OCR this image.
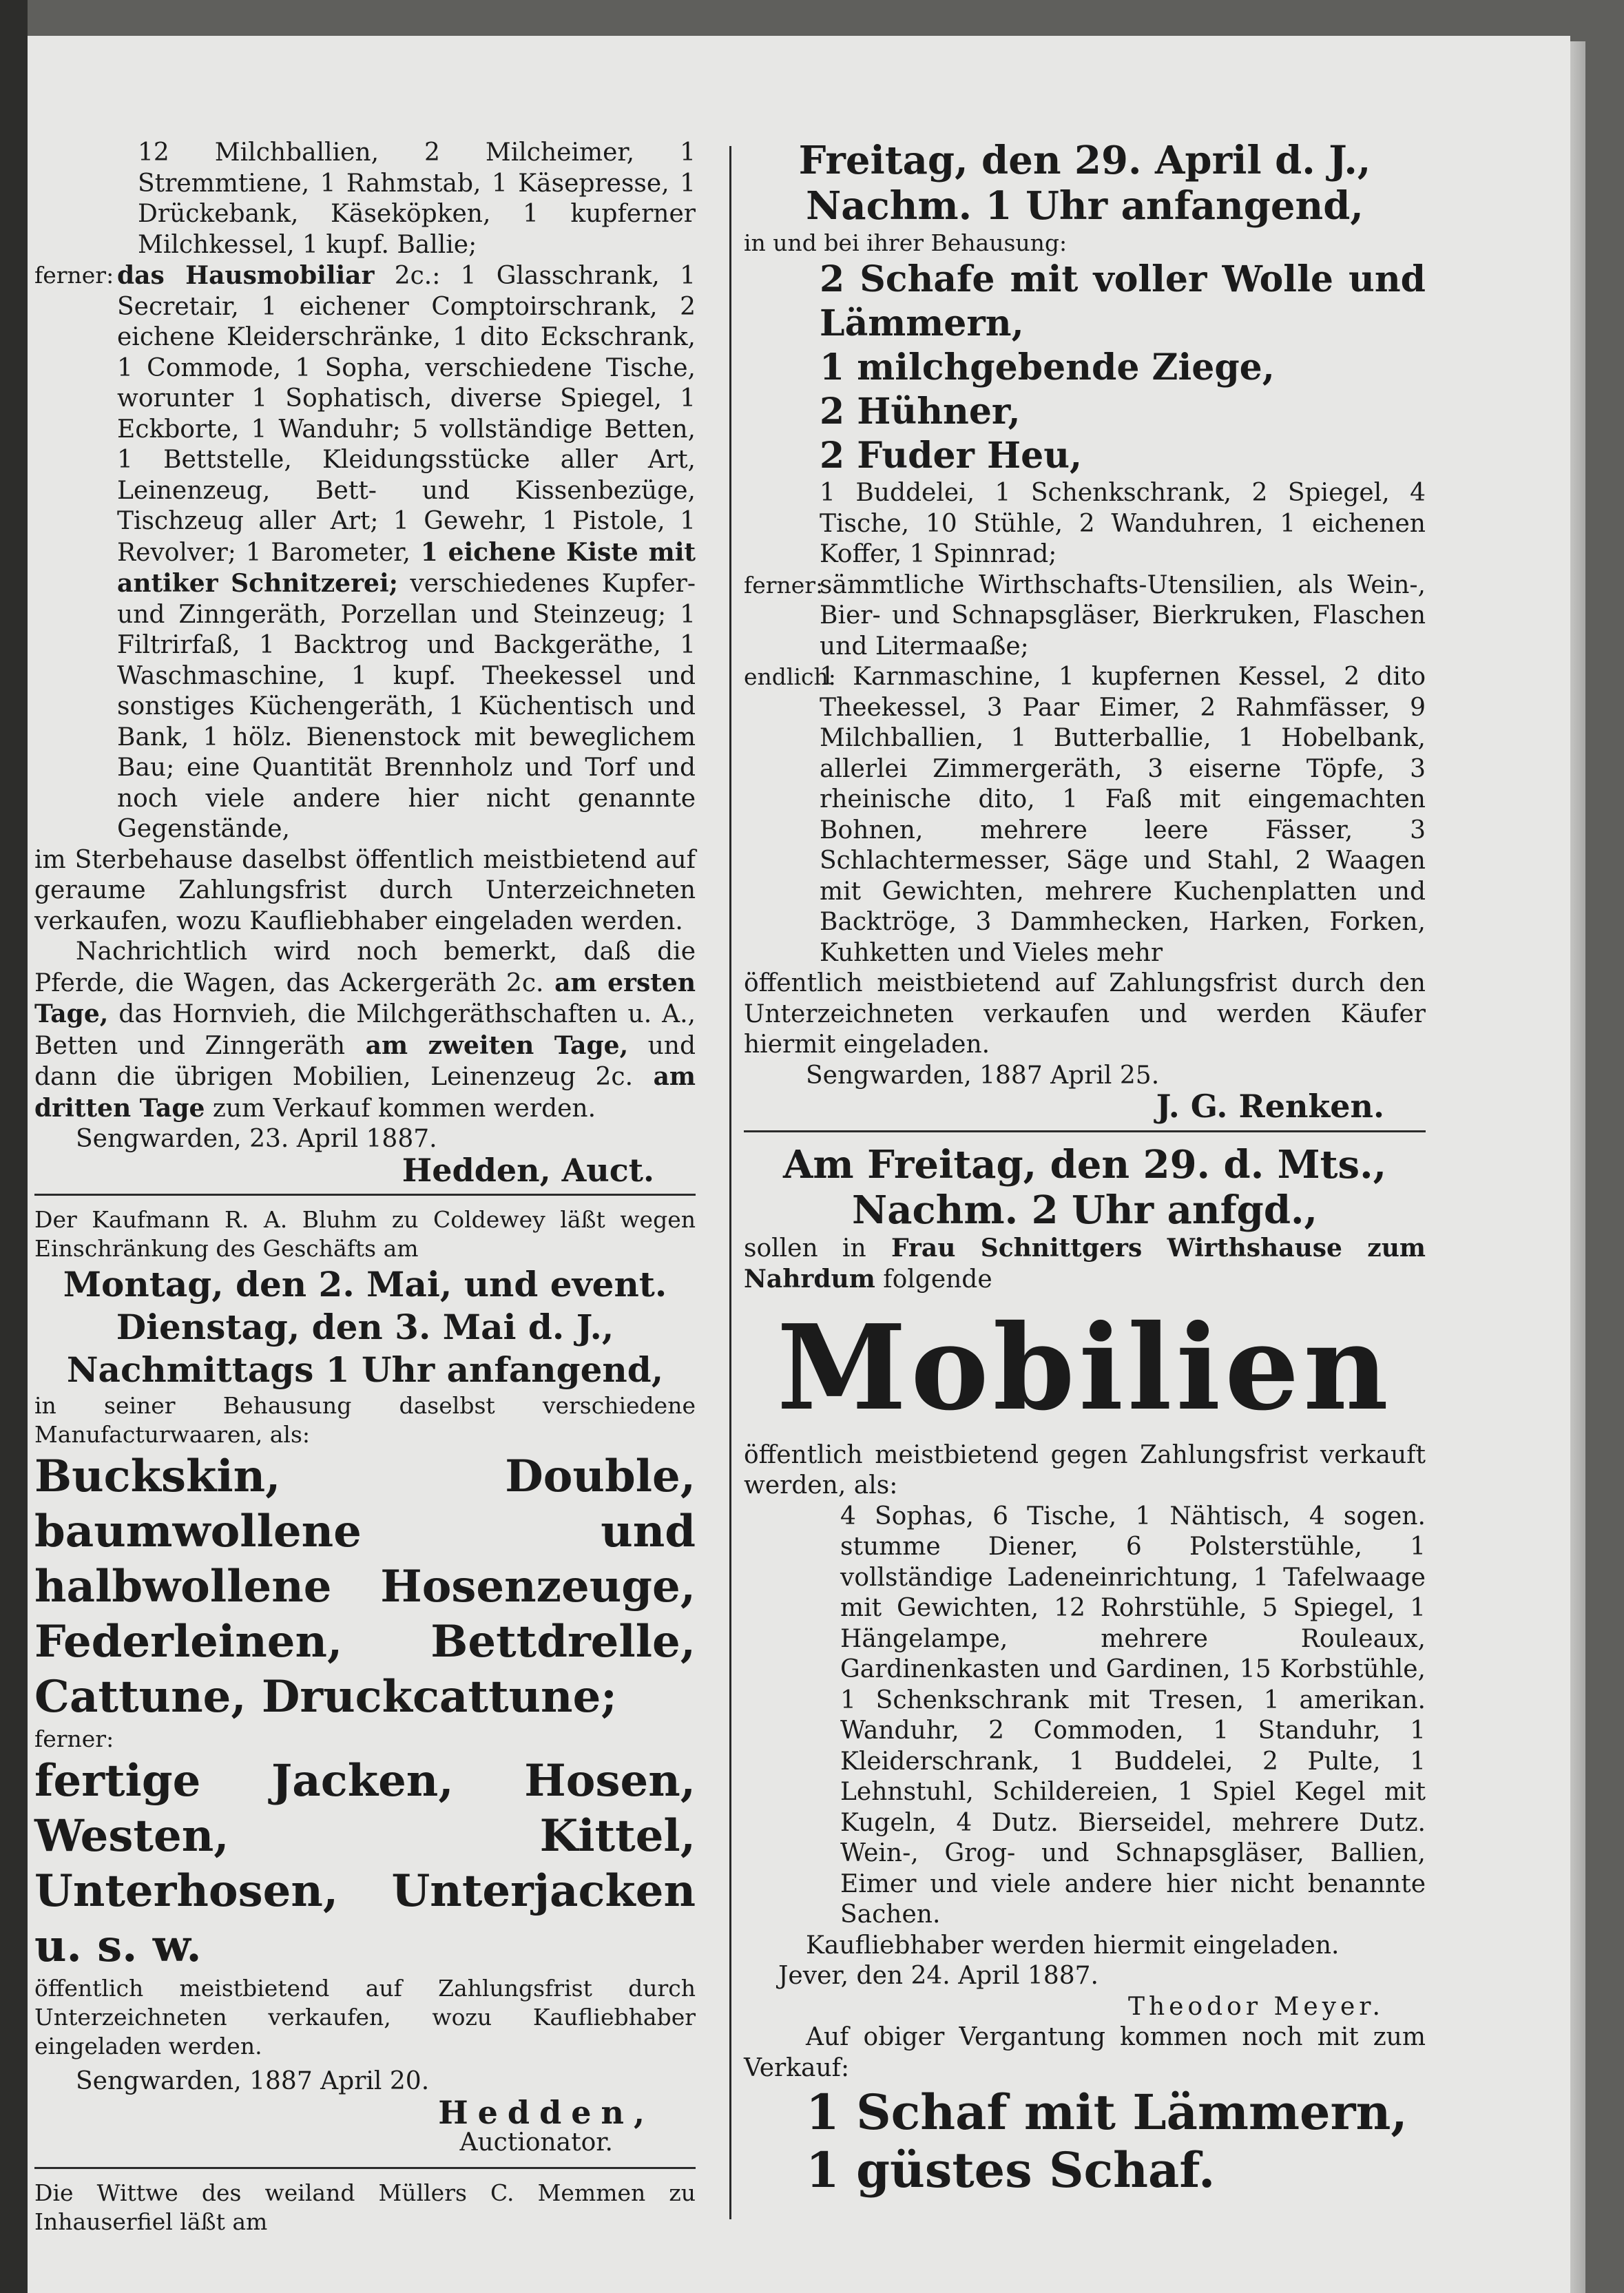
12 Milchballien, 2 Milcheimer, 1 Stremmtiene, 1 Rahmstab, 1 Käsepresse, 1 Drückebank, Käseköpken, 1 kupferner Milchkessel, 1 kupf. Ballie;

ferner: das Hausmobiliar 2c.: 1 Glasschrank, 1 Secretair, 1 eichener Comptoirschrank, 2 eichene Kleiderschränke, 1 dito Eckschrank, 1 Commode, 1 Sopha, verschiedene Tische, worunter 1 Sophatisch, diverse Spiegel, 1 Eckborte, 1 Wanduhr; 5 vollständige Betten, 1 Bettstelle, Kleidungsstücke aller Art, Leinenzeug, Bett- und Kissenbezüge, Tischzeug aller Art; 1 Gewehr, 1 Pistole, 1 Revolver; 1 Barometer, 1 eichene Kiste mit antiker Schnitzerei; verschiedenes Kupfer- und Zinngeräth, Porzellan und Steinzeug; 1 Filtrirfaß, 1 Backtrog und Backgeräthe, 1 Waschmaschine, 1 kupf. Theekessel und sonstiges Küchengeräth, 1 Küchentisch und Bank, 1 hölz. Bienenstock mit beweglichem Bau; eine Quantität Brennholz und Torf und noch viele andere hier nicht genannte Gegenstände,

im Sterbehause daselbst öffentlich meistbietend auf geraume Zahlungsfrist durch Unterzeichneten verkaufen, wozu Kaufliebhaber eingeladen werden.

Nachrichtlich wird noch bemerkt, daß die Pferde, die Wagen, das Ackergeräth 2c. am ersten Tage, das Hornvieh, die Milchgeräthschaften u. A., Betten und Zinngeräth am zweiten Tage, und dann die übrigen Mobilien, Leinenzeug 2c. am dritten Tage zum Verkauf kommen werden.

Sengwarden, 23. April 1887.

Hedden, Auct.

Der Kaufmann R. A. Bluhm zu Coldewey läßt wegen Einschränkung des Geschäfts am

Montag, den 2. Mai, und event.

Dienstag, den 3. Mai d. J.,

Nachmittags 1 Uhr anfangend,

in seiner Behausung daselbst verschiedene Manufacturwaaren, als:

Buckskin, Double, baumwollene und halbwollene Hosenzeuge, Federleinen, Bettdrelle, Cattune, Druckcattune;

ferner:

fertige Jacken, Hosen, Westen, Kittel, Unterhosen, Unterjacken u. s. w.

öffentlich meistbietend auf Zahlungsfrist durch Unterzeichneten verkaufen, wozu Kaufliebhaber eingeladen werden.

Sengwarden, 1887 April 20.

Hedden,

Auctionator.

Die Wittwe des weiland Müllers C. Memmen zu Inhauserfiel läßt am

Freitag, den 29. April d. J.,

Nachm. 1 Uhr anfangend,

in und bei ihrer Behausung:

2 Schafe mit voller Wolle und Lämmern,

1 milchgebende Ziege,

2 Hühner,

2 Fuder Heu,

1 Buddelei, 1 Schenkschrank, 2 Spiegel, 4 Tische, 10 Stühle, 2 Wanduhren, 1 eichenen Koffer, 1 Spinnrad;

ferner:

sämmtliche Wirthschafts-Utensilien, als Wein-, Bier- und Schnapsgläser, Bierkruken, Flaschen und Litermaaße;

endlich:

1 Karnmaschine, 1 kupfernen Kessel, 2 dito Theekessel, 3 Paar Eimer, 2 Rahmfässer, 9 Milchballien, 1 Butterballie, 1 Hobelbank, allerlei Zimmergeräth, 3 eiserne Töpfe, 3 rheinische dito, 1 Faß mit eingemachten Bohnen, mehrere leere Fässer, 3 Schlachtermesser, Säge und Stahl, 2 Waagen mit Gewichten, mehrere Kuchenplatten und Backtröge, 3 Dammhecken, Harken, Forken, Kuhketten und Vieles mehr

öffentlich meistbietend auf Zahlungsfrist durch den Unterzeichneten verkaufen und werden Käufer hiermit eingeladen.

Sengwarden, 1887 April 25.

J. G. Renken.

Am Freitag, den 29. d. Mts.,

Nachm. 2 Uhr anfgd.,

sollen in Frau Schnittgers Wirthshause zum Nahrdum folgende

Mobilien

öffentlich meistbietend gegen Zahlungsfrist verkauft werden, als:

4 Sophas, 6 Tische, 1 Nähtisch, 4 sogen. stumme Diener, 6 Polsterstühle, 1 vollständige Ladeneinrichtung, 1 Tafelwaage mit Gewichten, 12 Rohrstühle, 5 Spiegel, 1 Hängelampe, mehrere Rouleaux, Gardinenkasten und Gardinen, 15 Korbstühle, 1 Schenkschrank mit Tresen, 1 amerikan. Wanduhr, 2 Commoden, 1 Standuhr, 1 Kleiderschrank, 1 Buddelei, 2 Pulte, 1 Lehnstuhl, Schildereien, 1 Spiel Kegel mit Kugeln, 4 Dutz. Bierseidel, mehrere Dutz. Wein-, Grog- und Schnapsgläser, Ballien, Eimer und viele andere hier nicht benannte Sachen.

Kaufliebhaber werden hiermit eingeladen.

Jever, den 24. April 1887.

Theodor Meyer.

Auf obiger Vergantung kommen noch mit zum Verkauf:

1 Schaf mit Lämmern,

1 güstes Schaf.
